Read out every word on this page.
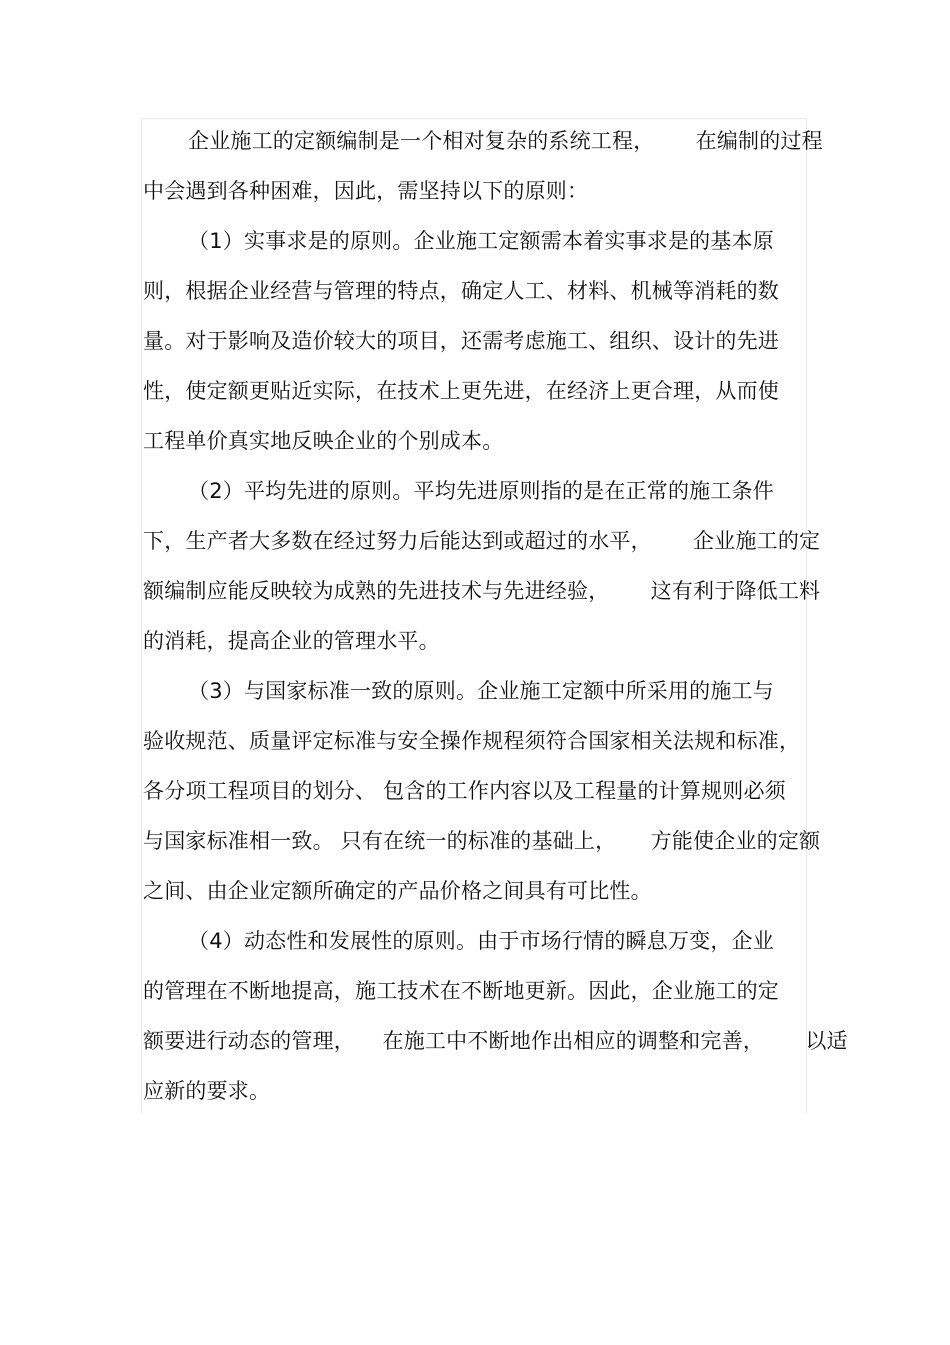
企业施工的定额编制是一个相对复杂的系统工程，      在编制的过程
中会遇到各种困难，因此，需坚持以下的原则：
（1）实事求是的原则。企业施工定额需本着实事求是的基本原
则，根据企业经营与管理的特点，确定人工、材料、机械等消耗的数
量。对于影响及造价较大的项目，还需考虑施工、组织、设计的先进
性，使定额更贴近实际，在技术上更先进，在经济上更合理，从而使
工程单价真实地反映企业的个别成本。
（2）平均先进的原则。平均先进原则指的是在正常的施工条件
下，生产者大多数在经过努力后能达到或超过的水平，      企业施工的定
额编制应能反映较为成熟的先进技术与先进经验，      这有利于降低工料
的消耗，提高企业的管理水平。
（3）与国家标准一致的原则。企业施工定额中所采用的施工与
验收规范、质量评定标准与安全操作规程须符合国家相关法规和标准，
各分项工程项目的划分、 包含的工作内容以及工程量的计算规则必须
与国家标准相一致。 只有在统一的标准的基础上，     方能使企业的定额
之间、由企业定额所确定的产品价格之间具有可比性。
（4）动态性和发展性的原则。由于市场行情的瞬息万变，企业
的管理在不断地提高，施工技术在不断地更新。因此，企业施工的定
额要进行动态的管理，    在施工中不断地作出相应的调整和完善，      以适
应新的要求。
